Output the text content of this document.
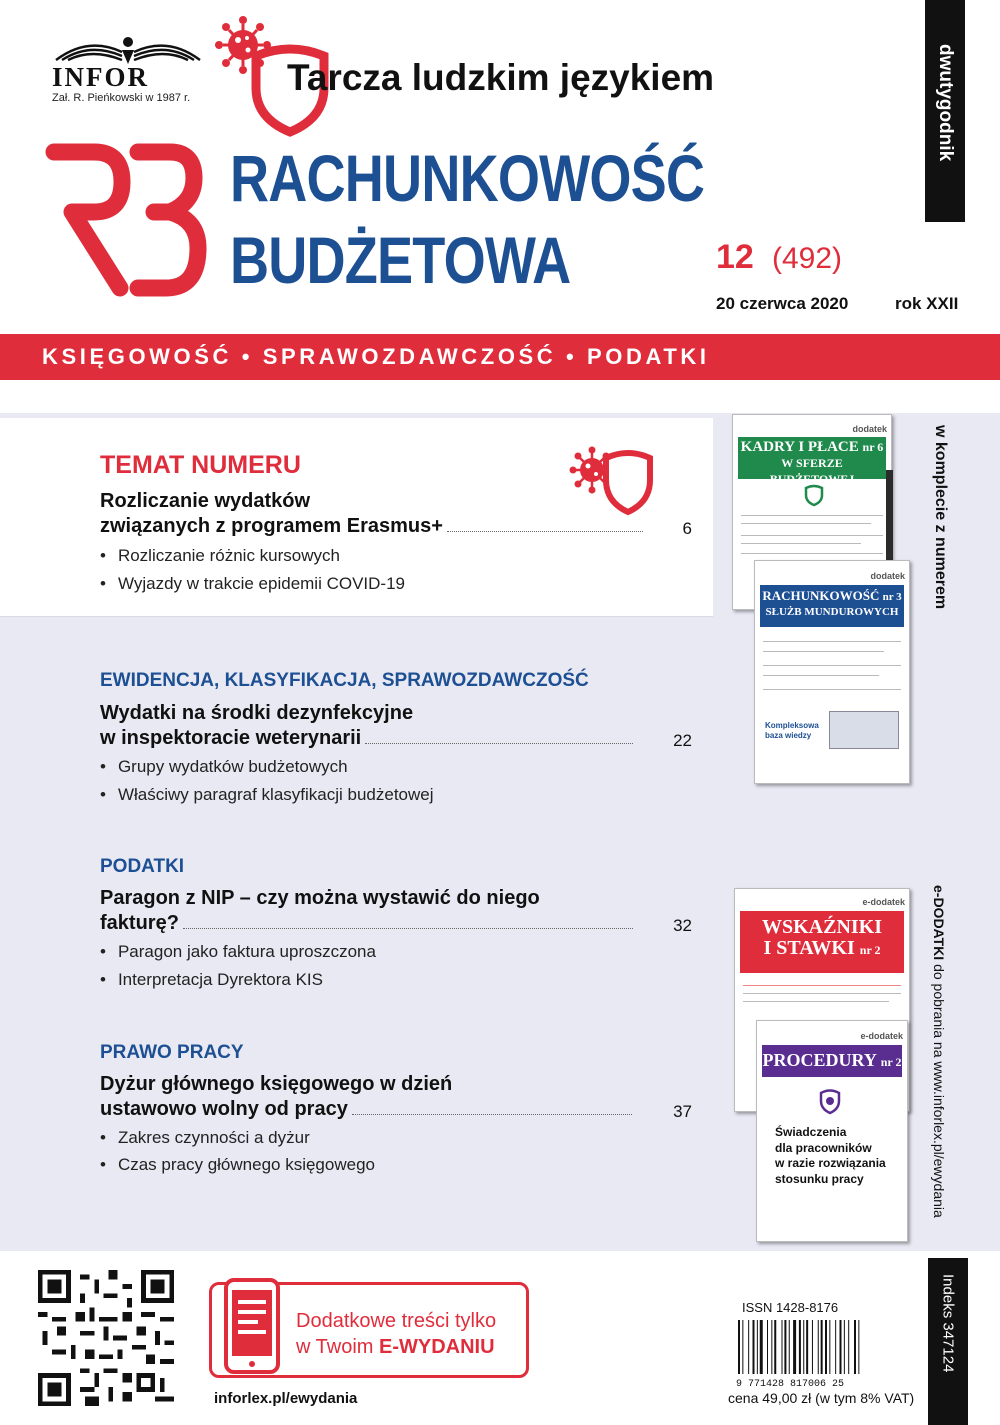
INFOR
Zał. R. Pieńkowski w 1987 r.	Tarcza ludzkim językiem
RACHUNKOWOŚĆ
BUDŻETOWA	12 (492)
20 czerwca 2020	rok XXII
dwutygodnik
KSIĘGOWOŚĆ • SPRAWOZDAWCZOŚĆ • PODATKI
TEMAT NUMERU
Rozliczanie wydatków
związanych z programem Erasmus+	6
• Rozliczanie różnic kursowych
• Wyjazdy w trakcie epidemii COVID-19
EWIDENCJA, KLASYFIKACJA, SPRAWOZDAWCZOŚĆ
Wydatki na środki dezynfekcyjne
w inspektoracie weterynarii	22
• Grupy wydatków budżetowych
• Właściwy paragraf klasyfikacji budżetowej
PODATKI
Paragon z NIP – czy można wystawić do niego
fakturę?	32
• Paragon jako faktura uproszczona
• Interpretacja Dyrektora KIS
PRAWO PRACY
Dyżur głównego księgowego w dzień
ustawowo wolny od pracy	37
• Zakres czynności a dyżur
• Czas pracy głównego księgowego
w komplecie z numerem
e-DODATKI do pobrania na www.inforlex.pl/ewydania
dodatek
KADRY I PŁACE nr 6
W SFERZE BUDŻETOWEJ
dodatek
RACHUNKOWOŚĆ nr 3
SŁUŻB MUNDUROWYCH
Kompleksowa
baza wiedzy
e-dodatek
WSKAŹNIKI
I STAWKI nr 2
e-dodatek
PROCEDURY nr 2
Świadczenia
dla pracowników
w razie rozwiązania
stosunku pracy
Dodatkowe treści tylko
w Twoim E-WYDANIU
inforlex.pl/ewydania
ISSN 1428-8176
9 771428 817006 25
cena 49,00 zł (w tym 8% VAT)
Indeks 347124
